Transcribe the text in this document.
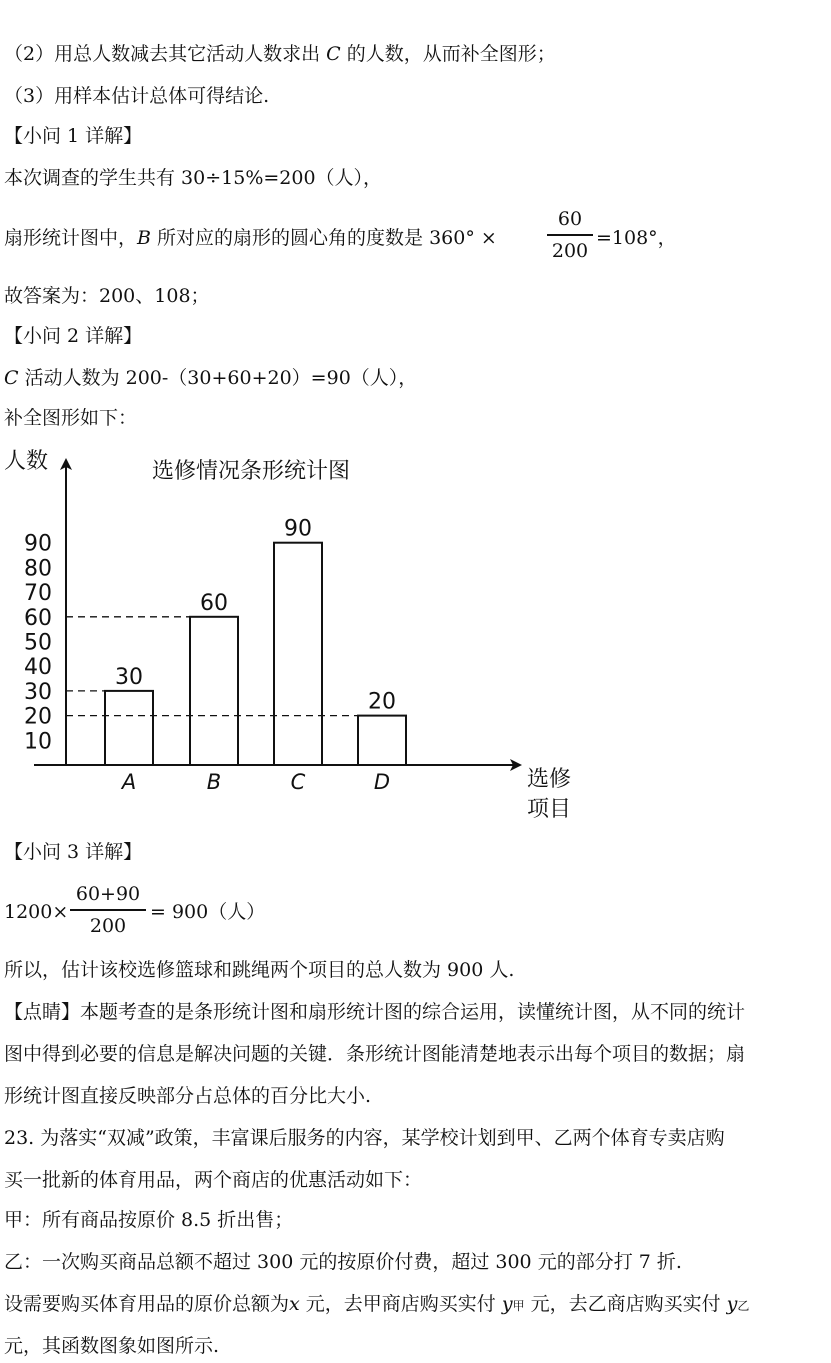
（2）用总人数减去其它活动人数求出 C 的人数，从而补全图形；
（3）用样本估计总体可得结论.
【小问 1 详解】
本次调查的学生共有 30÷15%=200（人），
扇形统计图中，B 所对应的扇形的圆心角的度数是 360° ×
60
200
=108°，
故答案为：200、108；
【小问 2 详解】
C 活动人数为 200-（30+60+20）=90（人），
补全图形如下：
人数	选修情况条形统计图
10
20
30
40
50
60
70
80
90
30
60
90
20
A	B	C	D	选修
项目
【小问 3 详解】
1200×
60+90
200
= 900（人）
所以，估计该校选修篮球和跳绳两个项目的总人数为 900 人.
【点睛】本题考查的是条形统计图和扇形统计图的综合运用，读懂统计图，从不同的统计
图中得到必要的信息是解决问题的关键．条形统计图能清楚地表示出每个项目的数据；扇
形统计图直接反映部分占总体的百分比大小.
23. 为落实“双减”政策，丰富课后服务的内容，某学校计划到甲、乙两个体育专卖店购
买一批新的体育用品，两个商店的优惠活动如下：
甲：所有商品按原价 8.5 折出售；
乙：一次购买商品总额不超过 300 元的按原价付费，超过 300 元的部分打 7 折.
设需要购买体育用品的原价总额为x 元，去甲商店购买实付 y甲 元，去乙商店购买实付 y乙
元，其函数图象如图所示.
